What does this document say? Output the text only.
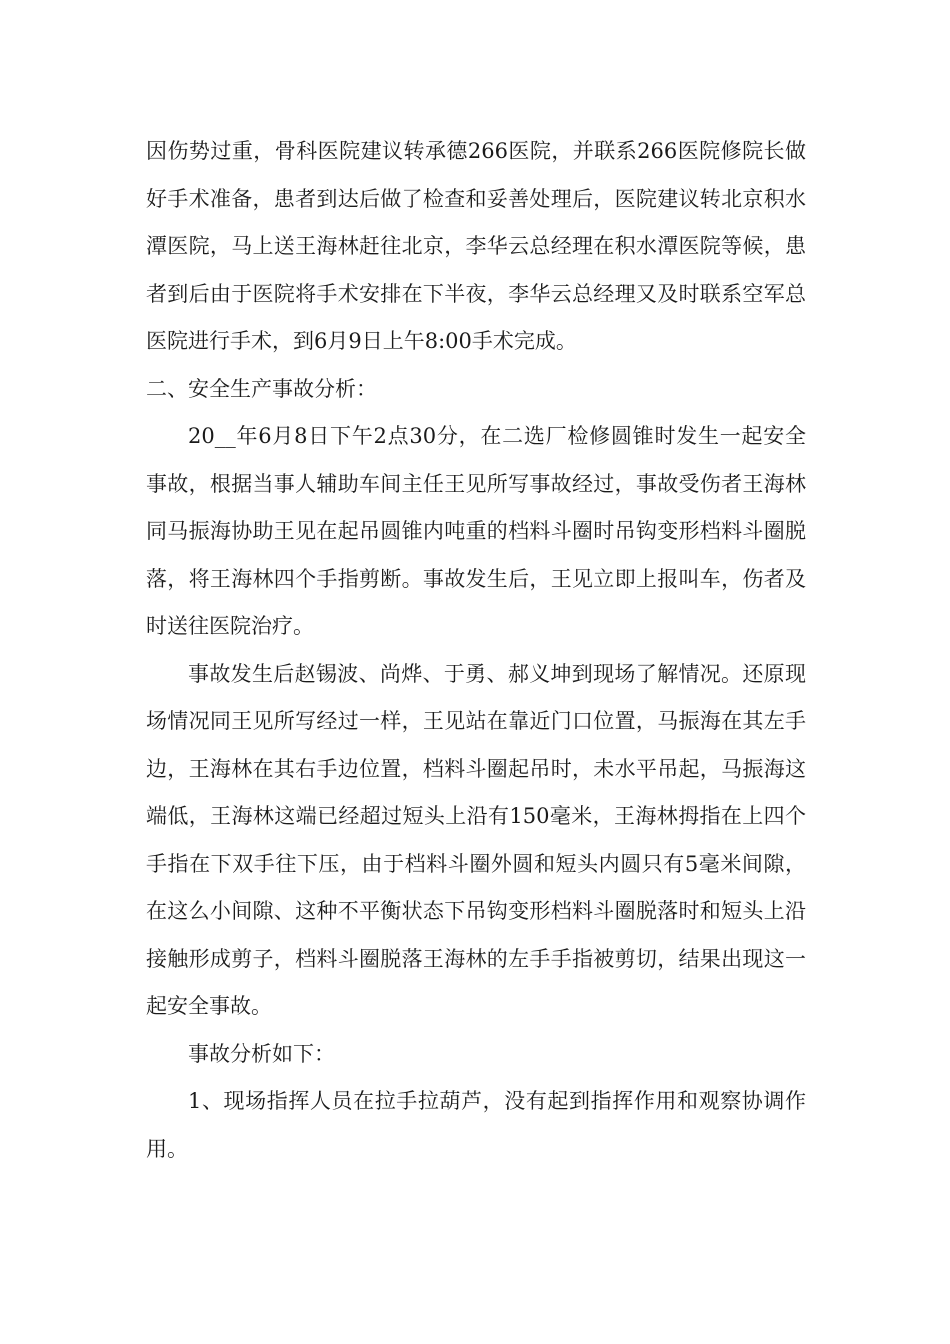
因伤势过重，骨科医院建议转承德266医院，并联系266医院修院长做好手术准备，患者到达后做了检查和妥善处理后，医院建议转北京积水潭医院，马上送王海林赶往北京，李华云总经理在积水潭医院等候，患者到后由于医院将手术安排在下半夜，李华云总经理又及时联系空军总医院进行手术，到6月9日上午8:00手术完成。

二、安全生产事故分析：

20__年6月8日下午2点30分，在二选厂检修圆锥时发生一起安全事故，根据当事人辅助车间主任王见所写事故经过，事故受伤者王海林同马振海协助王见在起吊圆锥内吨重的档料斗圈时吊钩变形档料斗圈脱落，将王海林四个手指剪断。事故发生后，王见立即上报叫车，伤者及时送往医院治疗。

事故发生后赵锡波、尚烨、于勇、郝义坤到现场了解情况。还原现场情况同王见所写经过一样，王见站在靠近门口位置，马振海在其左手边，王海林在其右手边位置，档料斗圈起吊时，未水平吊起，马振海这端低，王海林这端已经超过短头上沿有150毫米，王海林拇指在上四个手指在下双手往下压，由于档料斗圈外圆和短头内圆只有5毫米间隙，在这么小间隙、这种不平衡状态下吊钩变形档料斗圈脱落时和短头上沿接触形成剪子，档料斗圈脱落王海林的左手手指被剪切，结果出现这一起安全事故。

事故分析如下：

1、现场指挥人员在拉手拉葫芦，没有起到指挥作用和观察协调作用。
